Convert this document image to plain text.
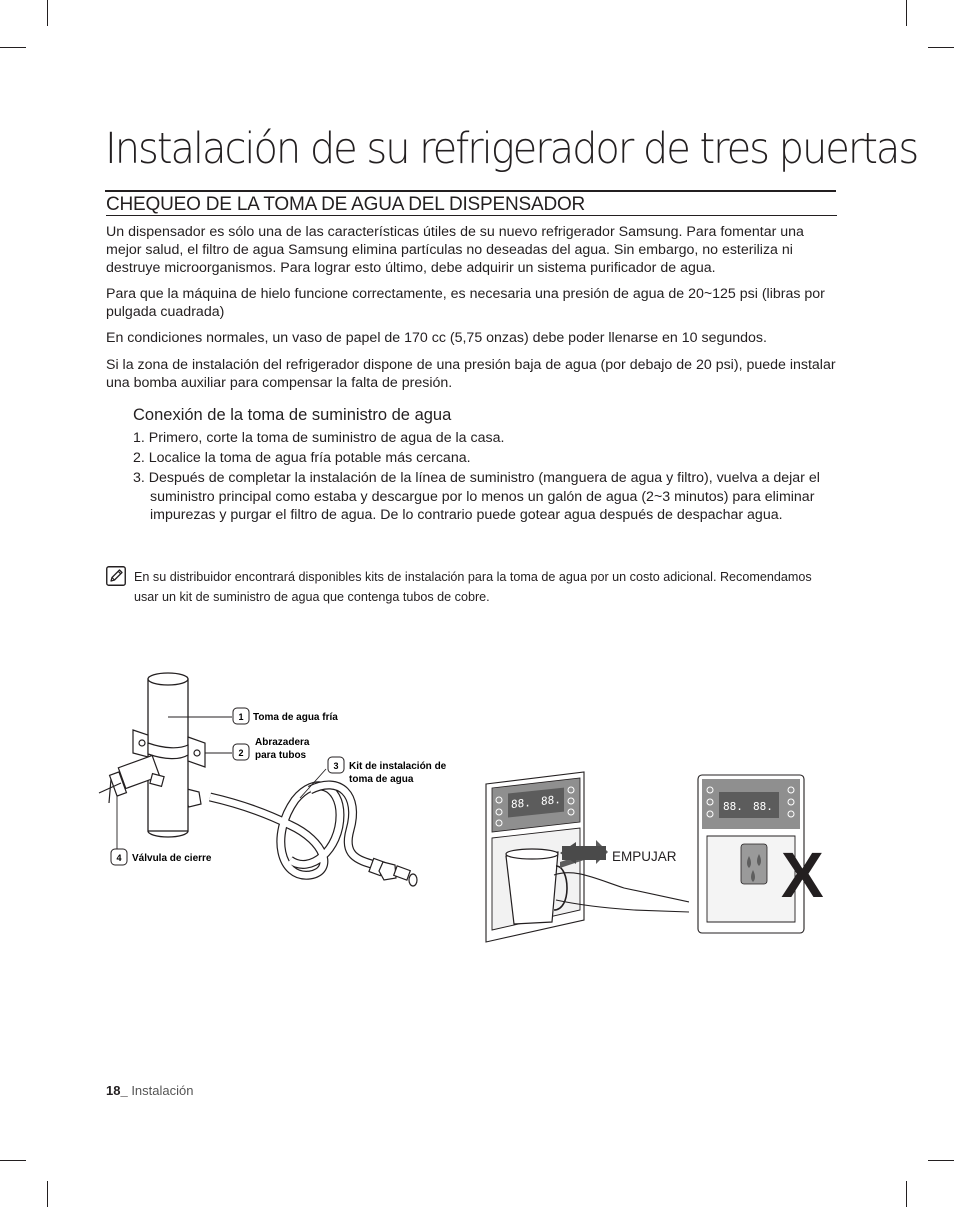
Instalación de su refrigerador de tres puertas
CHEQUEO DE LA TOMA DE AGUA DEL DISPENSADOR

Un dispensador es sólo una de las características útiles de su nuevo refrigerador Samsung. Para fomentar una mejor salud, el filtro de agua Samsung elimina partículas no deseadas del agua. Sin embargo, no esteriliza ni destruye microorganismos. Para lograr esto último, debe adquirir un sistema purificador de agua.

Para que la máquina de hielo funcione correctamente, es necesaria una presión de agua de 20~125 psi (libras por pulgada cuadrada)

En condiciones normales, un vaso de papel de 170 cc (5,75 onzas) debe poder llenarse en 10 segundos.

Si la zona de instalación del refrigerador dispone de una presión baja de agua (por debajo de 20 psi), puede instalar una bomba auxiliar para compensar la falta de presión.

Conexión de la toma de suministro de agua
1. Primero, corte la toma de suministro de agua de la casa.
2. Localice la toma de agua fría potable más cercana.
3. Después de completar la instalación de la línea de suministro (manguera de agua y filtro), vuelva a dejar el suministro principal como estaba y descargue por lo menos un galón de agua (2~3 minutos) para eliminar impurezas y purgar el filtro de agua. De lo contrario puede gotear agua después de despachar agua.

En su distribuidor encontrará disponibles kits de instalación para la toma de agua por un costo adicional. Recomendamos usar un kit de suministro de agua que contenga tubos de cobre.

1 Toma de agua fría
2
Abrazadera
para tubos
3 Kit de instalación de
toma de agua
4 Válvula de cierre
88. 88.
EMPUJAR
88. 88.
X

18_ Instalación
